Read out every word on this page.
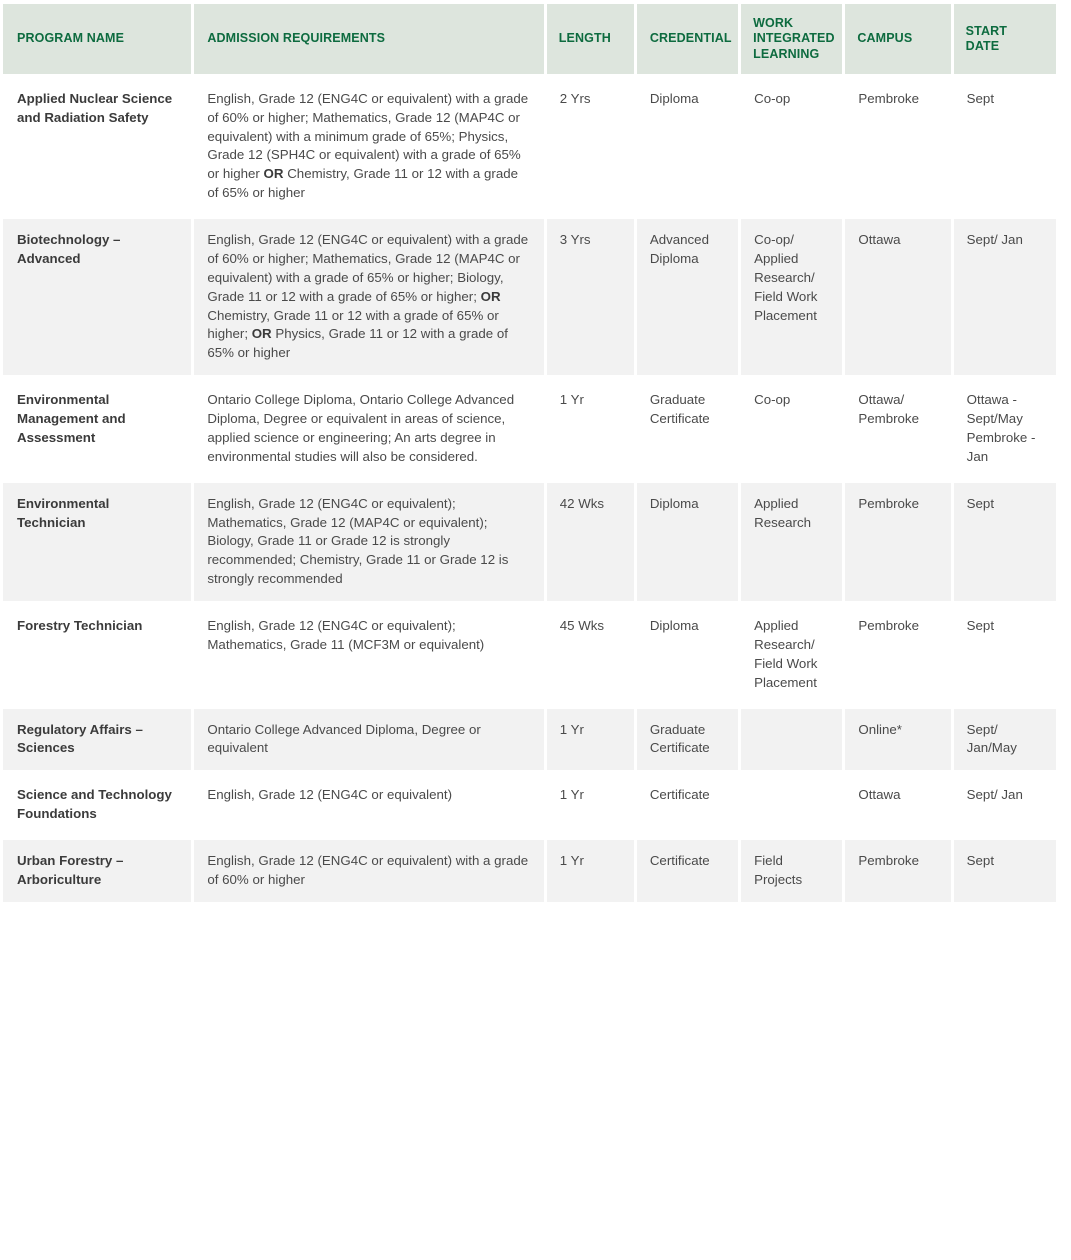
PROGRAM NAME	ADMISSION REQUIREMENTS	LENGTH	CREDENTIAL	WORK INTEGRATED LEARNING	CAMPUS	START DATE
Applied Nuclear Science and Radiation Safety	English, Grade 12 (ENG4C or equivalent) with a grade of 60% or higher; Mathematics, Grade 12 (MAP4C or equivalent) with a minimum grade of 65%; Physics, Grade 12 (SPH4C or equivalent) with a grade of 65% or higher OR Chemistry, Grade 11 or 12 with a grade of 65% or higher	2 Yrs	Diploma	Co-op	Pembroke	Sept
Biotechnology – Advanced	English, Grade 12 (ENG4C or equivalent) with a grade of 60% or higher; Mathematics, Grade 12 (MAP4C or equivalent) with a grade of 65% or higher; Biology, Grade 11 or 12 with a grade of 65% or higher; OR Chemistry, Grade 11 or 12 with a grade of 65% or higher; OR Physics, Grade 11 or 12 with a grade of 65% or higher	3 Yrs	Advanced Diploma	Co-op/ Applied Research/ Field Work Placement	Ottawa	Sept/ Jan
Environmental Management and Assessment	Ontario College Diploma, Ontario College Advanced Diploma, Degree or equivalent in areas of science, applied science or engineering; An arts degree in environmental studies will also be considered.	1 Yr	Graduate Certificate	Co-op	Ottawa/ Pembroke	Ottawa - Sept/May Pembroke - Jan
Environmental Technician	English, Grade 12 (ENG4C or equivalent); Mathematics, Grade 12 (MAP4C or equivalent); Biology, Grade 11 or Grade 12 is strongly recommended; Chemistry, Grade 11 or Grade 12 is strongly recommended	42 Wks	Diploma	Applied Research	Pembroke	Sept
Forestry Technician	English, Grade 12 (ENG4C or equivalent); Mathematics, Grade 11 (MCF3M or equivalent)	45 Wks	Diploma	Applied Research/ Field Work Placement	Pembroke	Sept
Regulatory Affairs – Sciences	Ontario College Advanced Diploma, Degree or equivalent	1 Yr	Graduate Certificate		Online*	Sept/ Jan/May
Science and Technology Foundations	English, Grade 12 (ENG4C or equivalent)	1 Yr	Certificate		Ottawa	Sept/ Jan
Urban Forestry – Arboriculture	English, Grade 12 (ENG4C or equivalent) with a grade of 60% or higher	1 Yr	Certificate	Field Projects	Pembroke	Sept
